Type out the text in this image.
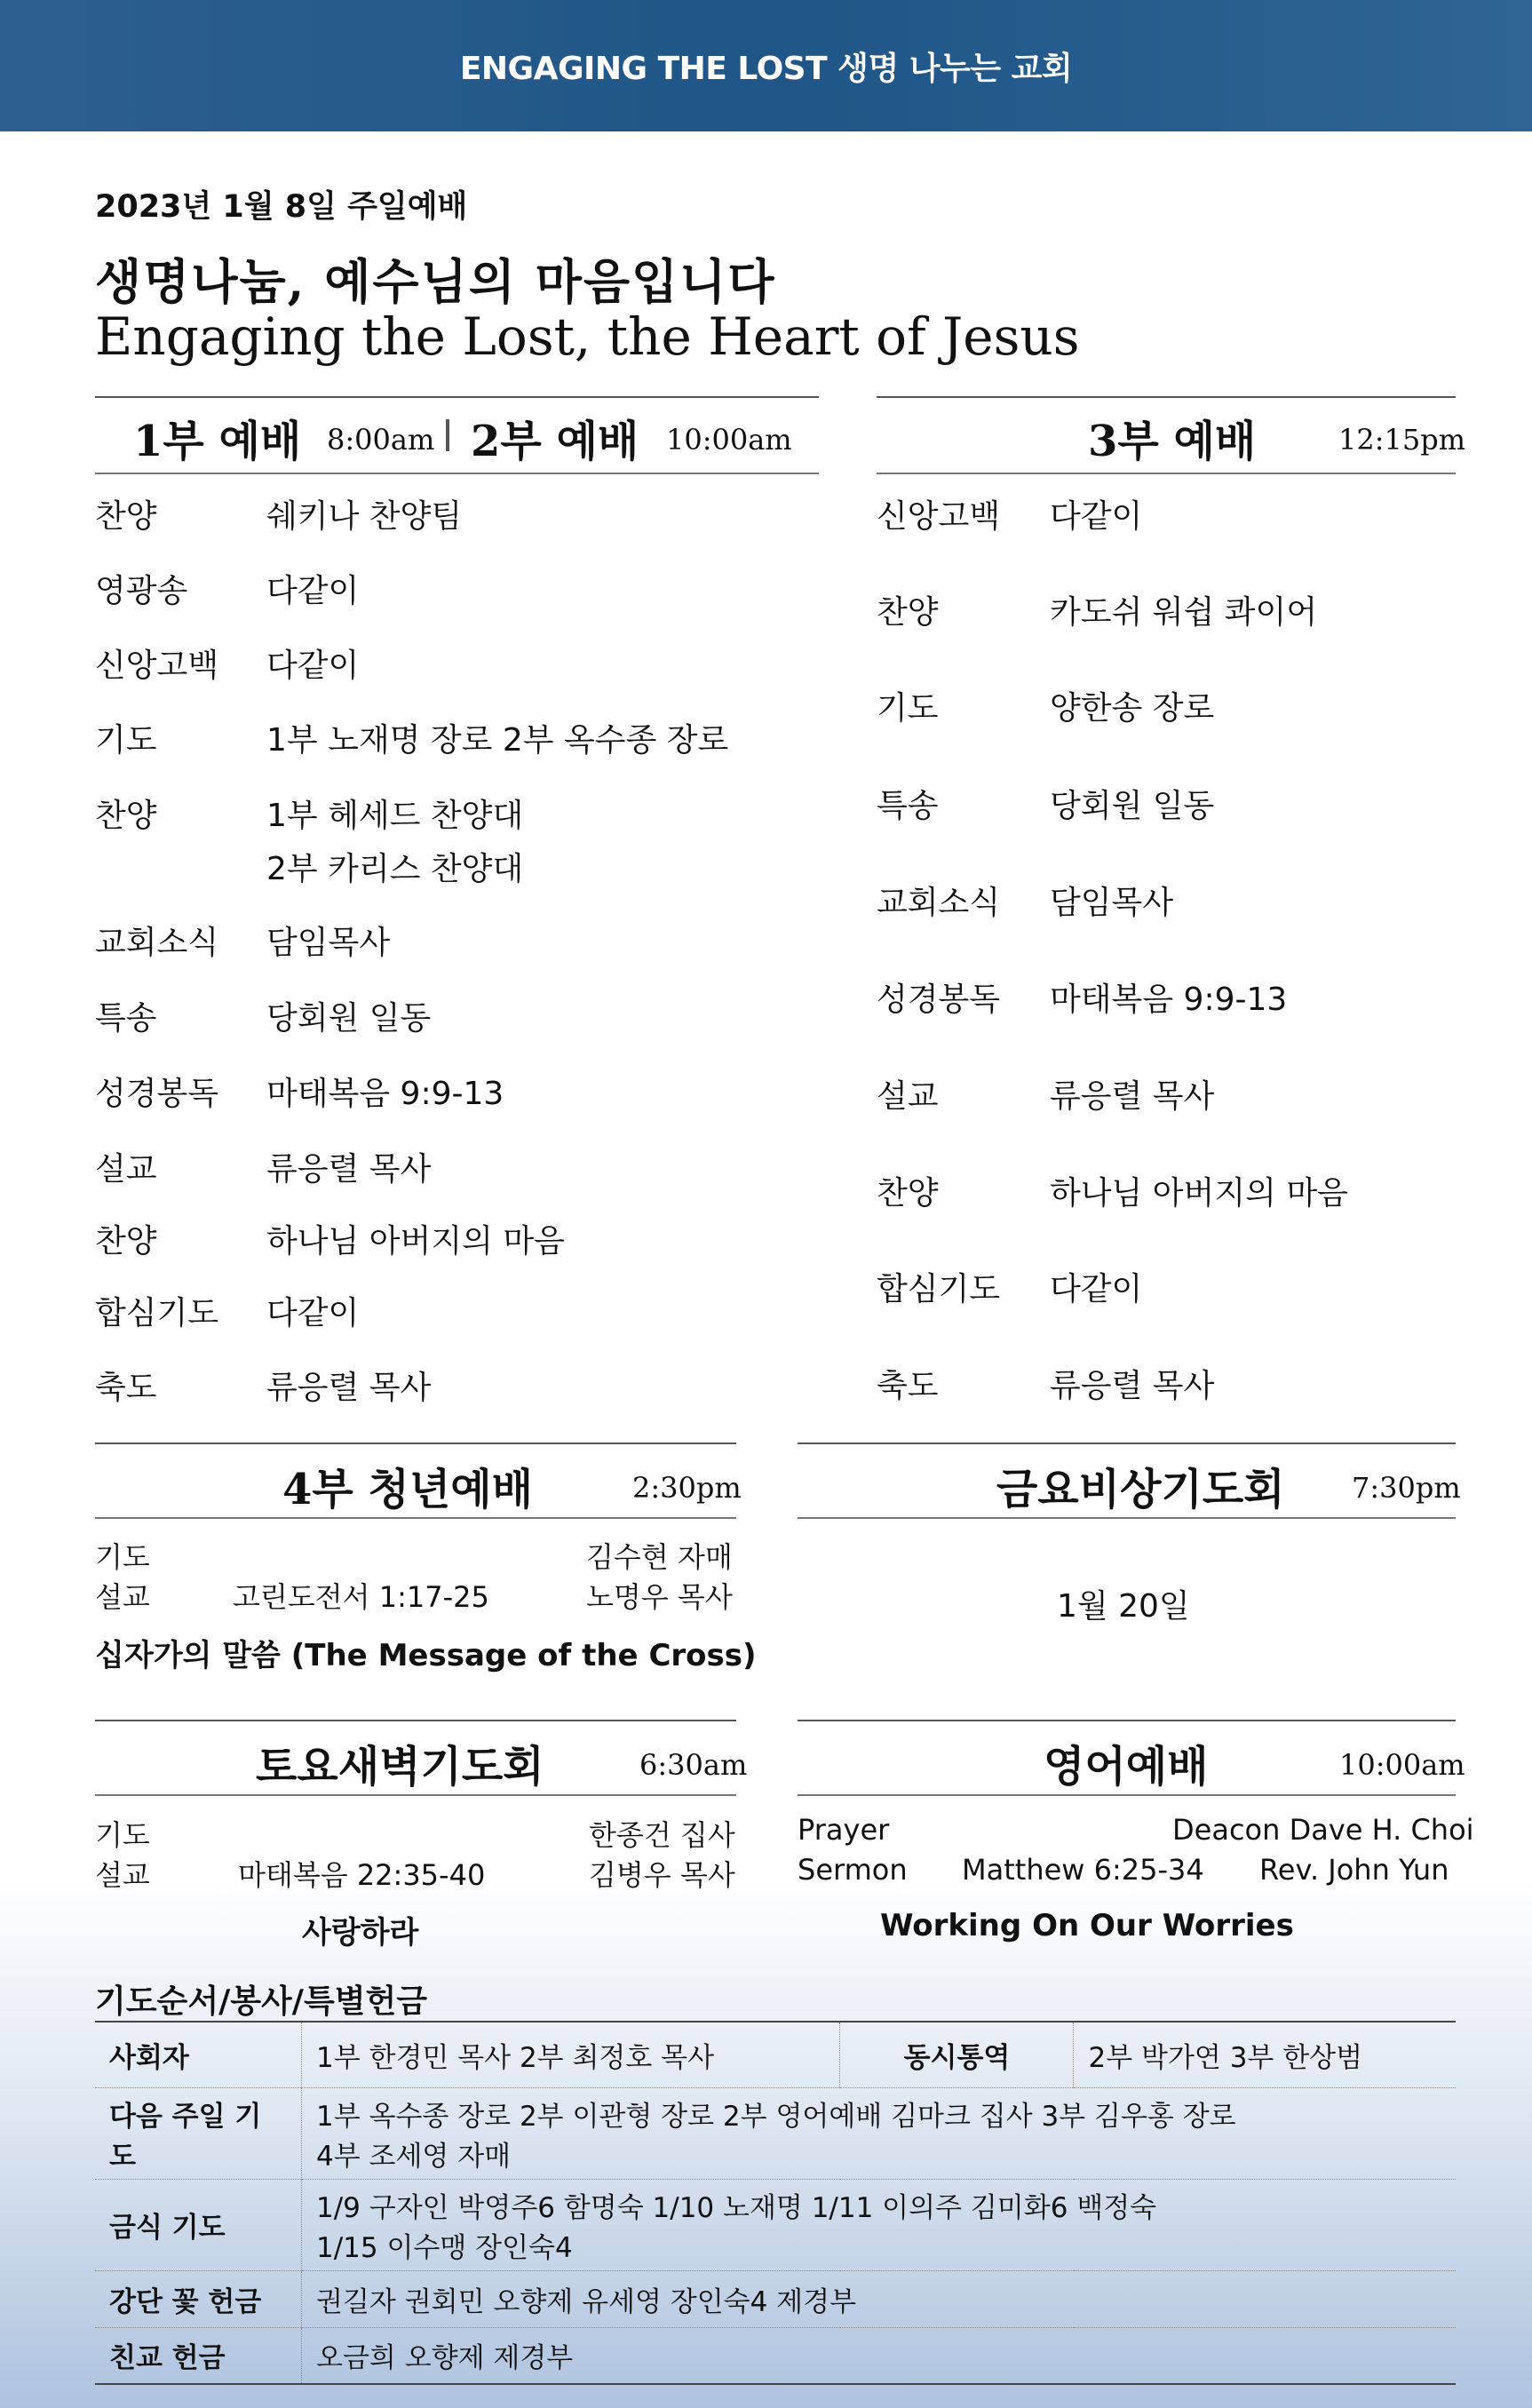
ENGAGING THE LOST 생명 나누는 교회
2023년 1월 8일 주일예배
생명나눔, 예수님의 마음입니다
Engaging the Lost, the Heart of Jesus
1부 예배 8:00am 2부 예배 10:00am	3부 예배	12:15pm
찬양	쉐키나 찬양팀
영광송 다같이
신앙고백 다같이
기도	1부 노재명 장로 2부 옥수종 장로
찬양	1부 헤세드 찬양대
2부 카리스 찬양대
교회소식 담임목사
특송	당회원 일동
성경봉독 마태복음 9:9-13
설교	류응렬 목사
찬양	하나님 아버지의 마음
합심기도 다같이
축도	류응렬 목사
신앙고백 다같이
찬양	카도쉬 워쉽 콰이어
기도	양한송 장로
특송	당회원 일동
교회소식 담임목사
성경봉독 마태복음 9:9-13
설교	류응렬 목사
찬양	하나님 아버지의 마음
합심기도 다같이
축도	류응렬 목사
4부 청년예배	2:30pm
기도	김수현 자매
설교	고린도전서 1:17-25	노명우 목사
십자가의 말씀 (The Message of the Cross)
금요비상기도회 7:30pm
1월 20일
토요새벽기도회	6:30am
기도	한종건 집사
설교	마태복음 22:35-40	김병우 목사
사랑하라
영어예배	10:00am
Prayer	Deacon Dave H. Choi
Sermon Matthew 6:25-34 Rev. John Yun
Working On Our Worries
기도순서/봉사/특별헌금
사회자	1부 한경민 목사 2부 최정호 목사	동시통역	2부 박가연 3부 한상범
다음 주일 기도	1부 옥수종 장로 2부 이관형 장로 2부 영어예배 김마크 집사 3부 김우홍 장로
4부 조세영 자매		

금식 기도	1/9 구자인 박영주6 함명숙 1/10 노재명 1/11 이의주 김미화6 백정숙
1/15 이수맹 장인숙4		

강단 꽃 헌금	권길자 권회민 오향제 유세영 장인숙4 제경부		
친교 헌금	오금희 오향제 제경부		
